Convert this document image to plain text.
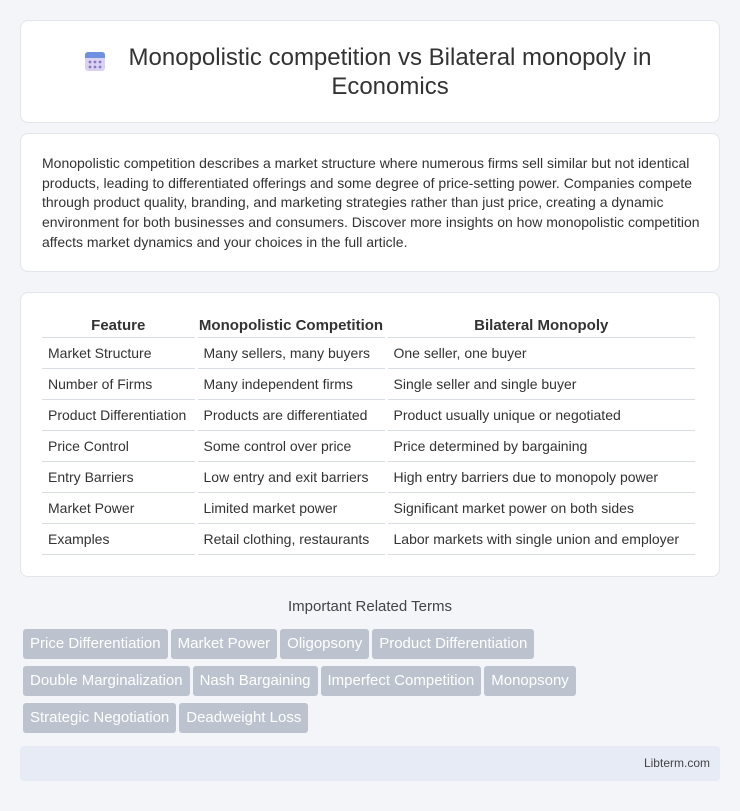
Monopolistic competition vs Bilateral monopoly in Economics

Monopolistic competition describes a market structure where numerous firms sell similar but not identical products, leading to differentiated offerings and some degree of price-setting power. Companies compete through product quality, branding, and marketing strategies rather than just price, creating a dynamic environment for both businesses and consumers. Discover more insights on how monopolistic competition affects market dynamics and your choices in the full article.

Feature	Monopolistic Competition	Bilateral Monopoly
Market Structure	Many sellers, many buyers	One seller, one buyer
Number of Firms	Many independent firms	Single seller and single buyer
Product Differentiation	Products are differentiated	Product usually unique or negotiated
Price Control	Some control over price	Price determined by bargaining
Entry Barriers	Low entry and exit barriers	High entry barriers due to monopoly power
Market Power	Limited market power	Significant market power on both sides
Examples	Retail clothing, restaurants	Labor markets with single union and employer
Important Related Terms
Price Differentiation Market Power Oligopsony Product Differentiation
Double Marginalization Nash Bargaining Imperfect Competition Monopsony
Strategic Negotiation Deadweight Loss
Libterm.com
